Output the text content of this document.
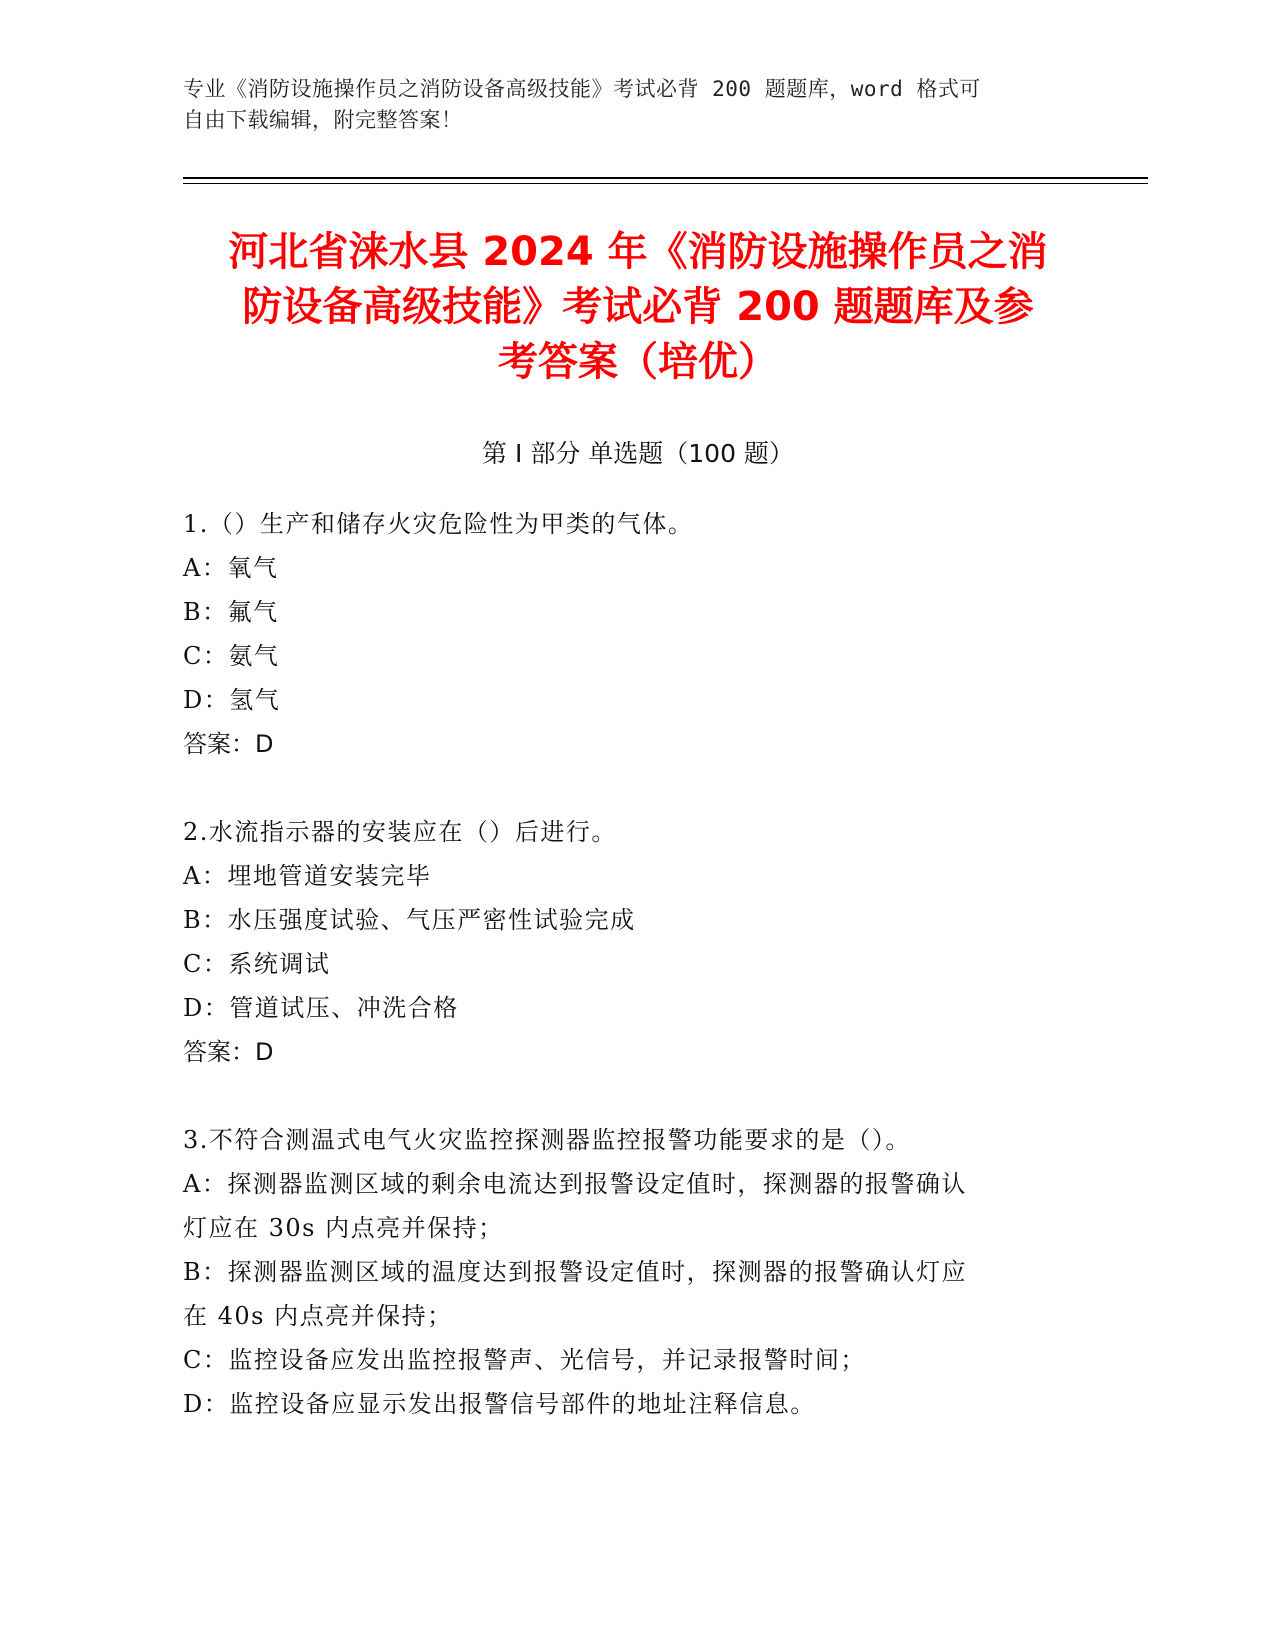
专业《消防设施操作员之消防设备高级技能》考试必背 200 题题库，word 格式可
自由下载编辑，附完整答案！
河北省涞水县 2024 年《消防设施操作员之消
防设备高级技能》考试必背 200 题题库及参
考答案（培优）
第 I 部分 单选题（100 题）
1.（）生产和储存火灾危险性为甲类的气体。
A：氧气
B：氟气
C：氨气
D：氢气
答案：D
2.水流指示器的安装应在（）后进行。
A：埋地管道安装完毕
B：水压强度试验、气压严密性试验完成
C：系统调试
D：管道试压、冲洗合格
答案：D
3.不符合测温式电气火灾监控探测器监控报警功能要求的是（）。
A：探测器监测区域的剩余电流达到报警设定值时，探测器的报警确认
灯应在 30s 内点亮并保持；
B：探测器监测区域的温度达到报警设定值时，探测器的报警确认灯应
在 40s 内点亮并保持；
C：监控设备应发出监控报警声、光信号，并记录报警时间；
D：监控设备应显示发出报警信号部件的地址注释信息。
